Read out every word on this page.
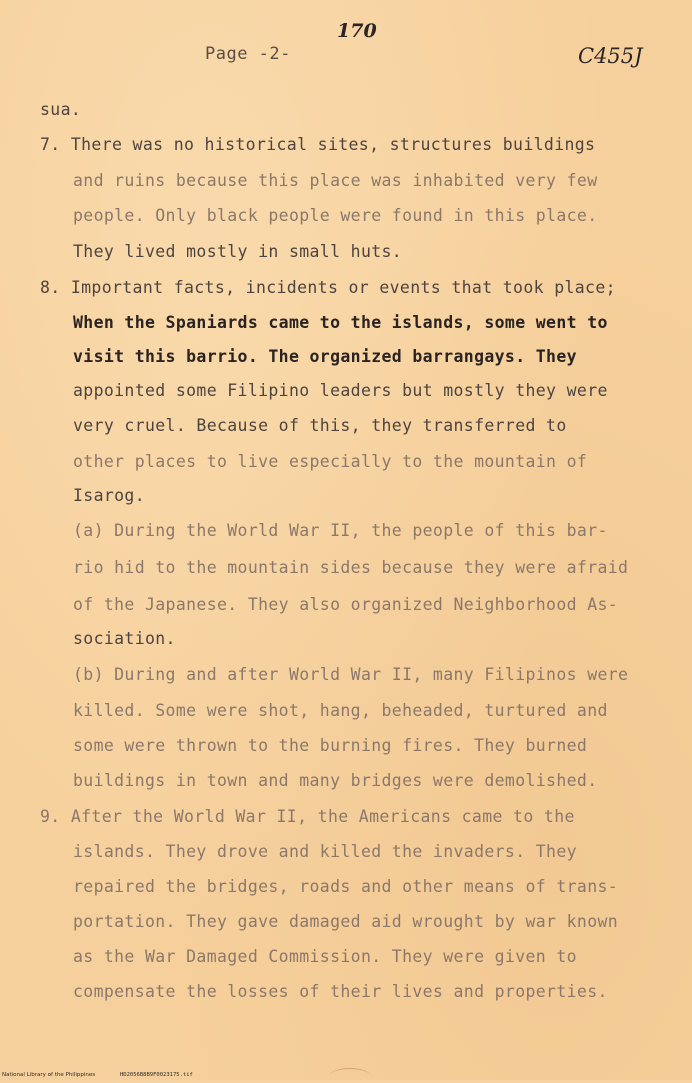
Page -2-
170
C455J
sua.
7. There was no historical sites, structures buildings
and ruins because this place was inhabited very few
people. Only black people were found in this place.
They lived mostly in small huts.
8. Important facts, incidents or events that took place;
When the Spaniards came to the islands, some went to
visit this barrio. The organized barrangays. They
appointed some Filipino leaders but mostly they were
very cruel. Because of this, they transferred to
other places to live especially to the mountain of
Isarog.
(a) During the World War II, the people of this bar-
rio hid to the mountain sides because they were afraid
of the Japanese. They also organized Neighborhood As-
sociation.
(b) During and after World War II, many Filipinos were
killed. Some were shot, hang, beheaded, turtured and
some were thrown to the burning fires. They burned
buildings in town and many bridges were demolished.
9. After the World War II, the Americans came to the
islands. They drove and killed the invaders. They
repaired the bridges, roads and other means of trans-
portation. They gave damaged aid wrought by war known
as the War Damaged Commission. They were given to
compensate the losses of their lives and properties.
National Library of the Philippines	HD2056B8B9F0023175.tif
